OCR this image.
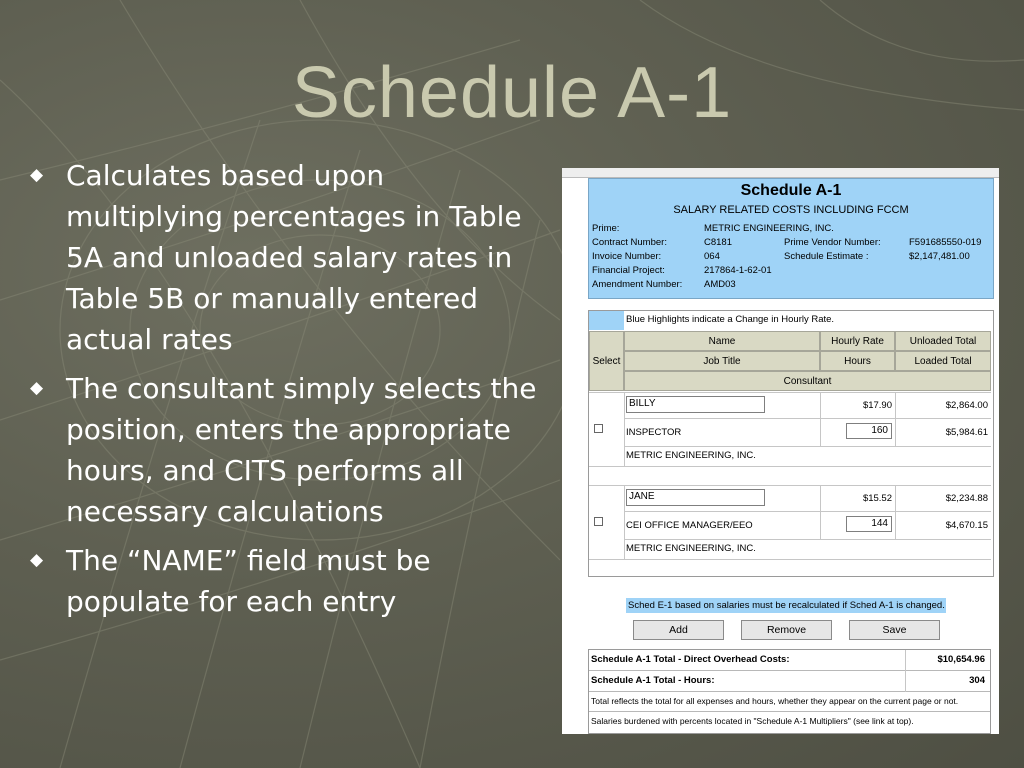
Schedule A-1
◆ Calculates based upon multiplying percentages in Table 5A and unloaded salary rates in Table 5B or manually entered actual rates
◆ The consultant simply selects the position, enters the appropriate hours, and CITS performs all necessary calculations
◆ The “NAME” field must be populate for each entry
Schedule A-1
SALARY RELATED COSTS INCLUDING FCCM
Prime:	METRIC ENGINEERING, INC.
Contract Number:	C8181	Prime Vendor Number:	F591685550-019
Invoice Number:	064	Schedule Estimate :	$2,147,481.00
Financial Project:	217864-1-62-01
Amendment Number: AMD03
Blue Highlights indicate a Change in Hourly Rate.
Select
Name	Hourly Rate	Unloaded Total
Job Title	Hours	Loaded Total
Consultant
BILLY	$17.90	$2,864.00
INSPECTOR	160	$5,984.61
METRIC ENGINEERING, INC.
JANE	$15.52	$2,234.88
CEI OFFICE MANAGER/EEO	144	$4,670.15
METRIC ENGINEERING, INC.
Sched E-1 based on salaries must be recalculated if Sched A-1 is changed.
Add	Remove	Save
Schedule A-1 Total - Direct Overhead Costs:	$10,654.96
Schedule A-1 Total - Hours:	304
Total reflects the total for all expenses and hours, whether they appear on the current page or not.
Salaries burdened with percents located in "Schedule A-1 Multipliers" (see link at top).
